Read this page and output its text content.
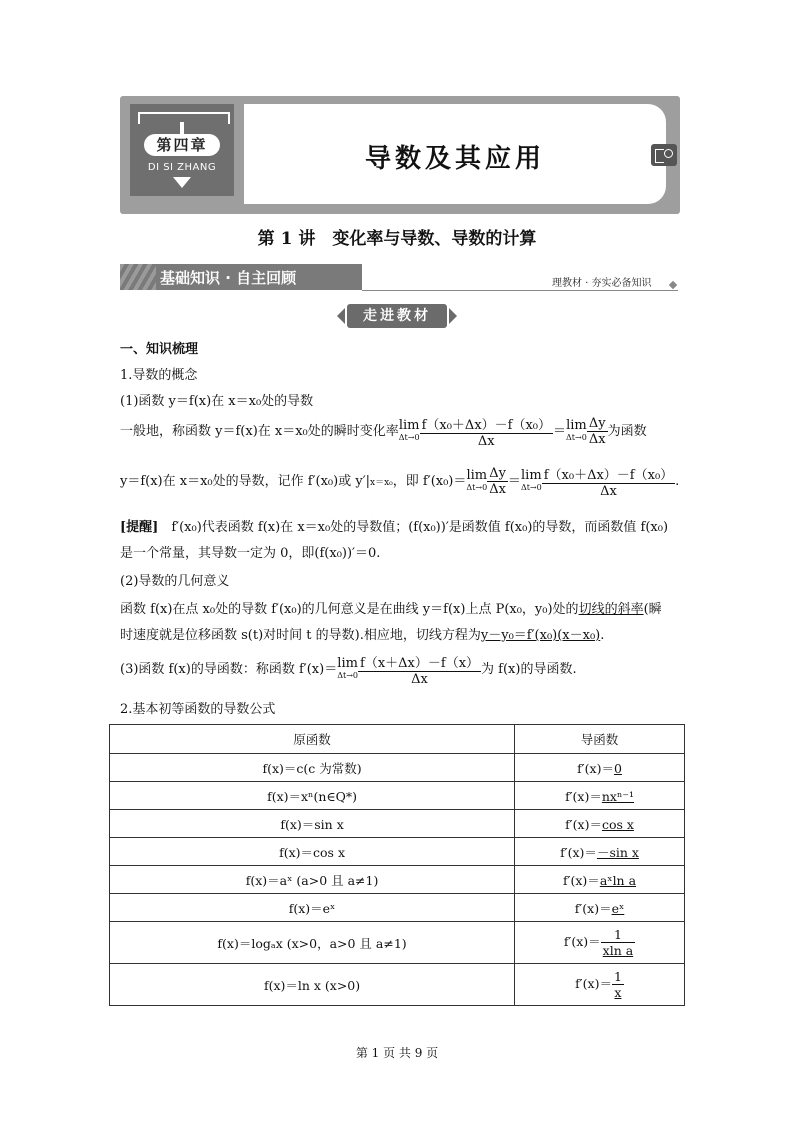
第四章
DI SI ZHANG	导数及其应用
第 1 讲　变化率与导数、导数的计算
基础知识 · 自主回顾	理教材 · 夯实必备知识
走进教材
一、知识梳理
1.导数的概念
(1)函数 y＝f(x)在 x＝x₀处的导数
一般地，称函数 y＝f(x)在 x＝x₀处的瞬时变化率lim
$\Delta t\to 0 \frac{\text{f（x₀＋Δx）－f（x₀）}}{\Delta x} =\lim$
$\Delta t\to 0 \frac{\Delta y}{\Delta x}$ 为函数
y＝f(x)在 x＝x₀处的导数，记作 f′(x₀)或 y′|x＝x₀，即 f′(x₀)＝lim
$\Delta t\to 0 \frac{\Delta y}{\Delta x} =\lim$
$\Delta t\to 0 \frac{\text{f（x₀＋Δx）－f（x₀）}}{\Delta x}$ .
[提醒]　f′(x₀)代表函数 f(x)在 x＝x₀处的导数值；(f(x₀))′是函数值 f(x₀)的导数，而函数值 f(x₀)
是一个常量，其导数一定为 0，即(f(x₀))′＝0.
(2)导数的几何意义
函数 f(x)在点 x₀处的导数 f′(x₀)的几何意义是在曲线 y＝f(x)上点 P(x₀，y₀)处的切线的斜率(瞬
时速度就是位移函数 s(t)对时间 t 的导数).相应地，切线方程为y－y₀＝f′(x₀)(x－x₀).
(3)函数 f(x)的导函数：称函数 f′(x)＝lim
$\Delta t\to 0 \frac{f(x+\Delta x)-f(x)}{\Delta x}$ 为 f(x)的导函数.
2.基本初等函数的导数公式
原函数	导函数
f(x)＝c(c 为常数)	f′(x)＝0
f(x)＝xⁿ(n∈Q*)	f′(x)＝nxⁿ⁻¹
f(x)＝sin x	f′(x)＝cos x
f(x)＝cos x	f′(x)＝－sin x
f(x)＝aˣ (a>0 且 a≠1)	f′(x)＝aˣln a
f(x)＝eˣ	f′(x)＝eˣ
f(x)＝logₐx (x>0，a>0 且 a≠1)	$f'(x)= \frac{1}{\text{xln a}}$

f(x)＝ln x (x>0)	$f'(x)= \frac{1}{x}$
第 1 页 共 9 页
